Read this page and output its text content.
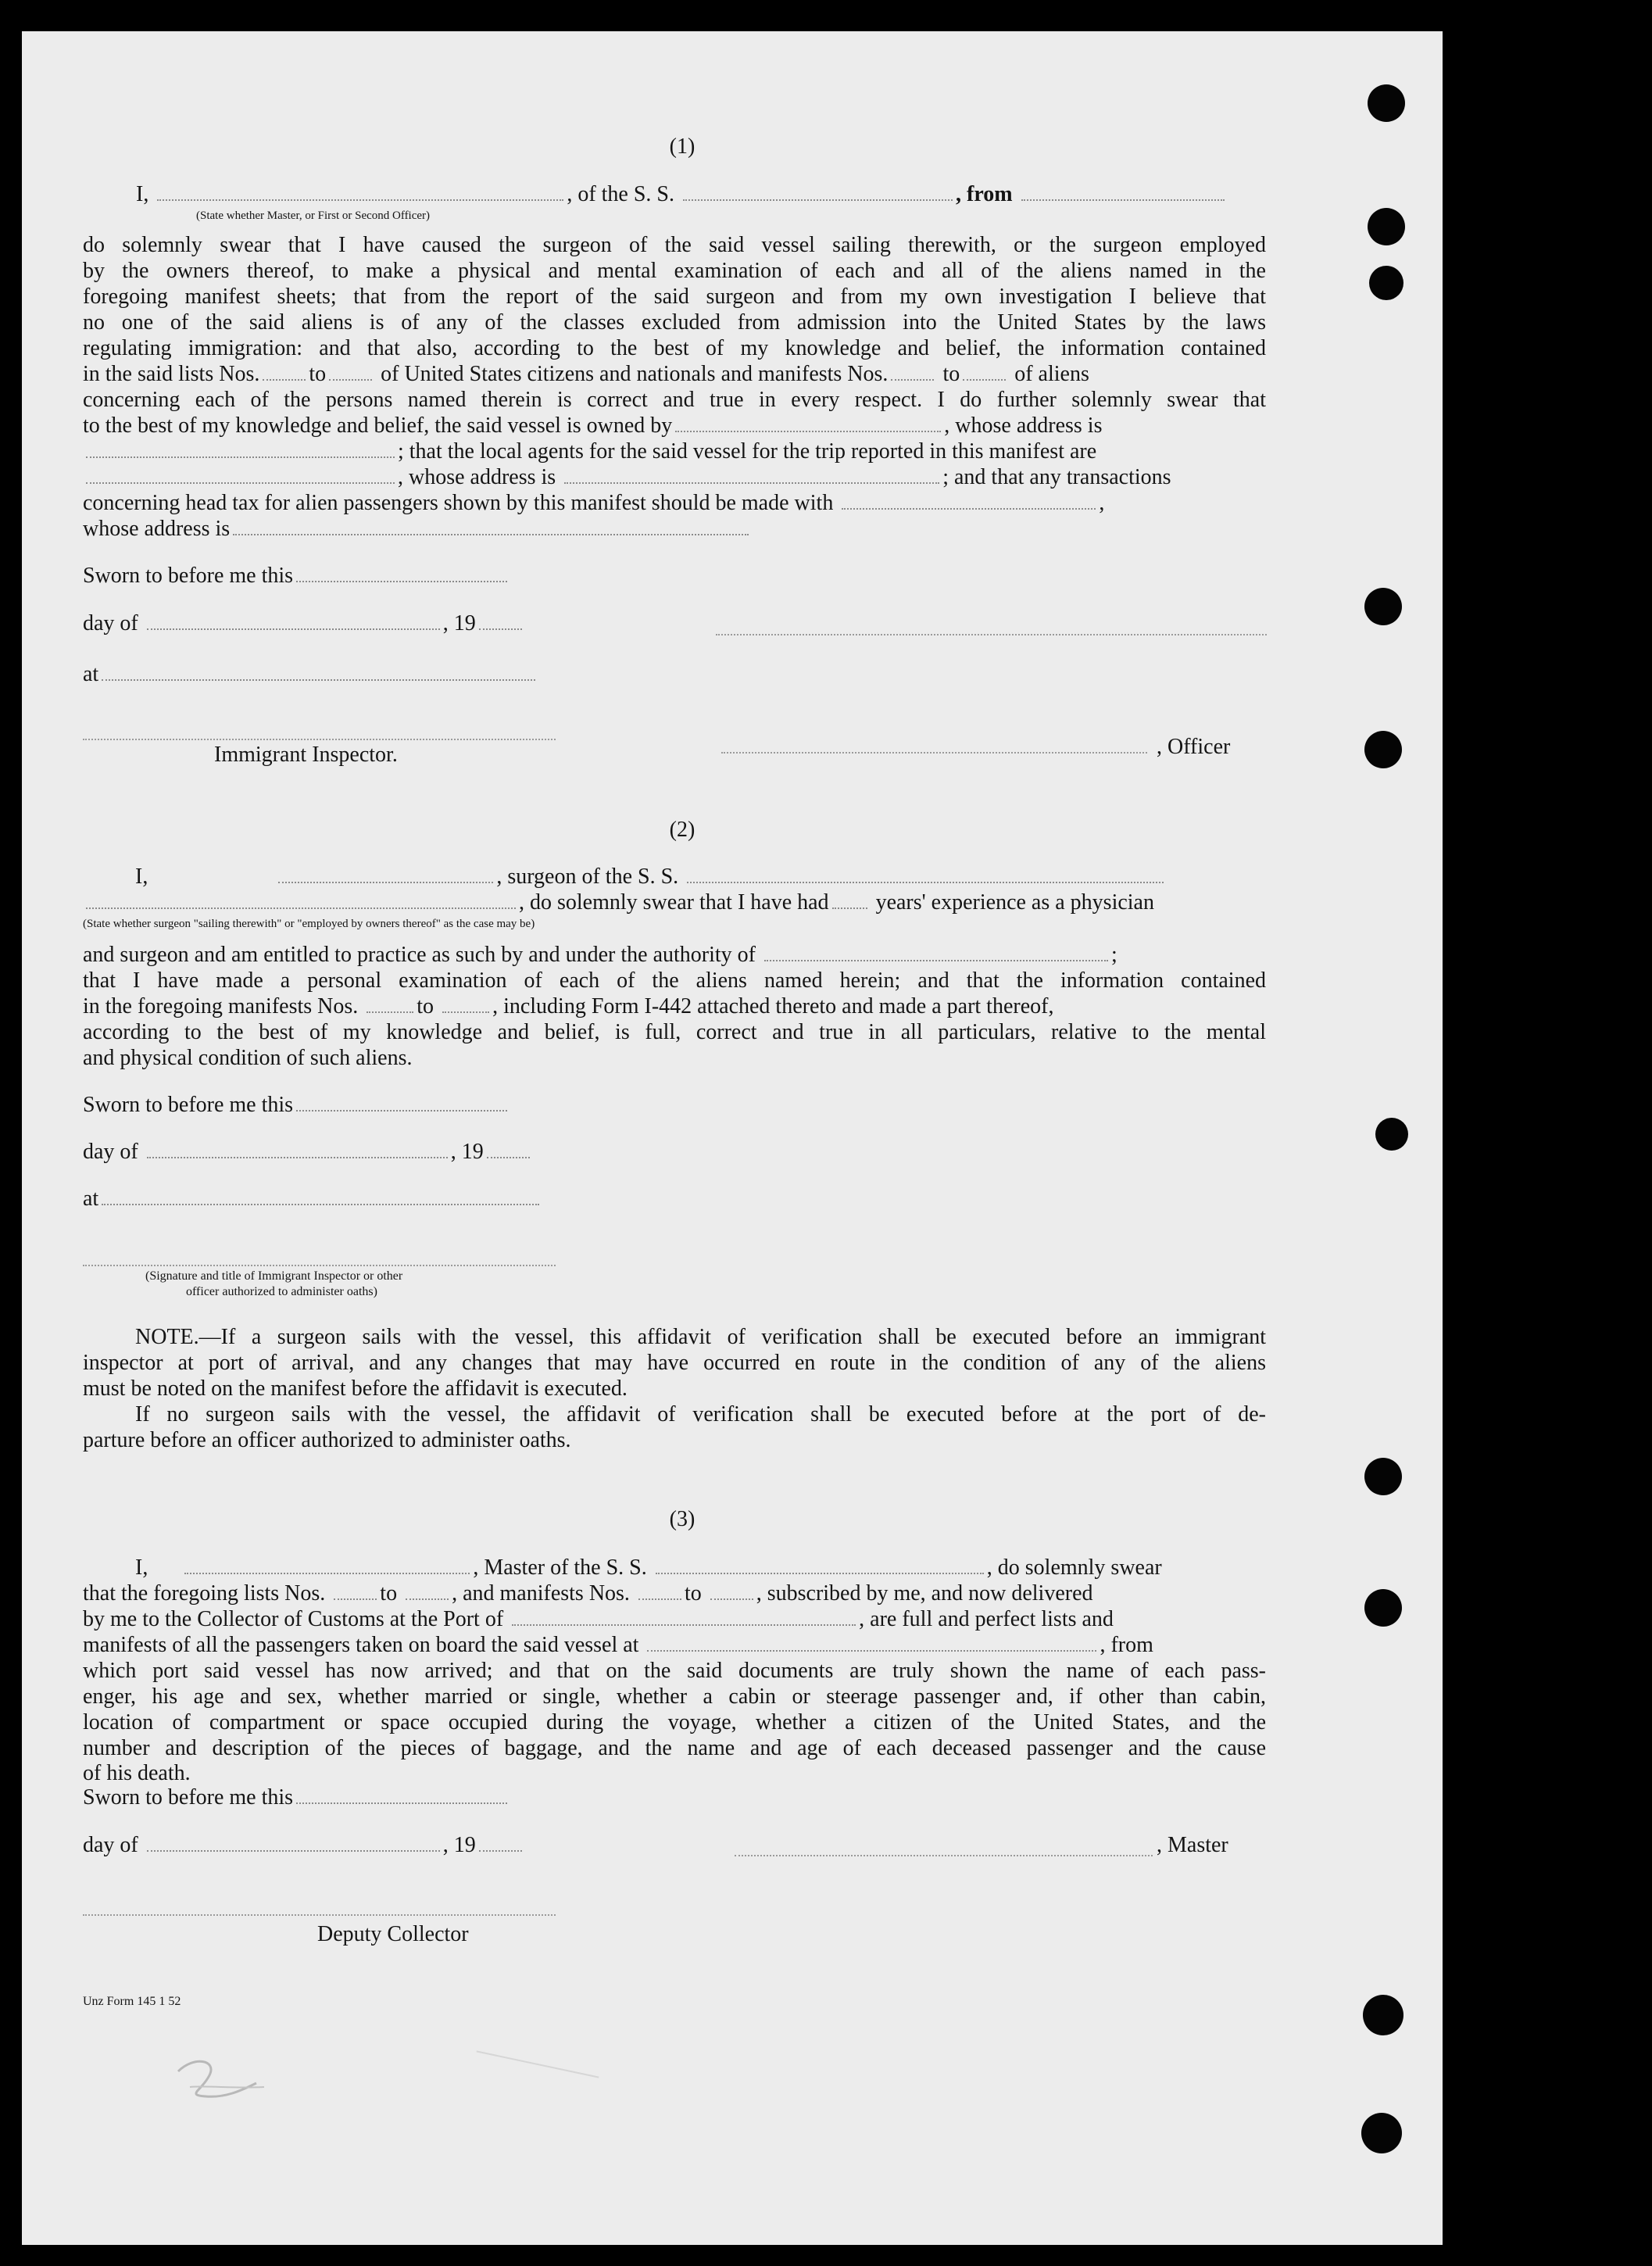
(1)
I,	, of the S. S.	, from
(State whether Master, or First or Second Officer)
do solemnly swear that I have caused the surgeon of the said vessel sailing therewith, or the surgeon employed
by the owners thereof, to make a physical and mental examination of each and all of the aliens named in the
foregoing manifest sheets; that from the report of the said surgeon and from my own investigation I believe that
no one of the said aliens is of any of the classes excluded from admission into the United States by the laws
regulating immigration: and that also, according to the best of my knowledge and belief, the information contained
in the said lists Nos. to	of United States citizens and nationals and manifests Nos.	to	of aliens
concerning each of the persons named therein is correct and true in every respect. I do further solemnly swear that
to the best of my knowledge and belief, the said vessel is owned by	, whose address is
; that the local agents for the said vessel for the trip reported in this manifest are
, whose address is	; and that any transactions
concerning head tax for alien passengers shown by this manifest should be made with	,
whose address is
Sworn to before me this
day of	, 19
at
Immigrant Inspector.	, Officer
(2)
I,	, surgeon of the S. S.
, do solemnly swear that I have had years' experience as a physician
(State whether surgeon "sailing therewith" or "employed by owners thereof" as the case may be)
and surgeon and am entitled to practice as such by and under the authority of	;
that I have made a personal examination of each of the aliens named herein; and that the information contained
in the foregoing manifests Nos.	to	, including Form I-442 attached thereto and made a part thereof,
according to the best of my knowledge and belief, is full, correct and true in all particulars, relative to the mental
and physical condition of such aliens.
Sworn to before me this
day of	, 19
at
(Signature and title of Immigrant Inspector or other
officer authorized to administer oaths)
NOTE.—If a surgeon sails with the vessel, this affidavit of verification shall be executed before an immigrant
inspector at port of arrival, and any changes that may have occurred en route in the condition of any of the aliens
must be noted on the manifest before the affidavit is executed.
If no surgeon sails with the vessel, the affidavit of verification shall be executed before at the port of de-
parture before an officer authorized to administer oaths.
(3)
I,	, Master of the S. S.	, do solemnly swear
that the foregoing lists Nos.	to	, and manifests Nos.	to	, subscribed by me, and now delivered
by me to the Collector of Customs at the Port of	, are full and perfect lists and
manifests of all the passengers taken on board the said vessel at	, from
which port said vessel has now arrived; and that on the said documents are truly shown the name of each pass-
enger, his age and sex, whether married or single, whether a cabin or steerage passenger and, if other than cabin,
location of compartment or space occupied during the voyage, whether a citizen of the United States, and the
number and description of the pieces of baggage, and the name and age of each deceased passenger and the cause
of his death.
Sworn to before me this
day of	, 19	, Master
Deputy Collector
Unz Form 145 1 52
